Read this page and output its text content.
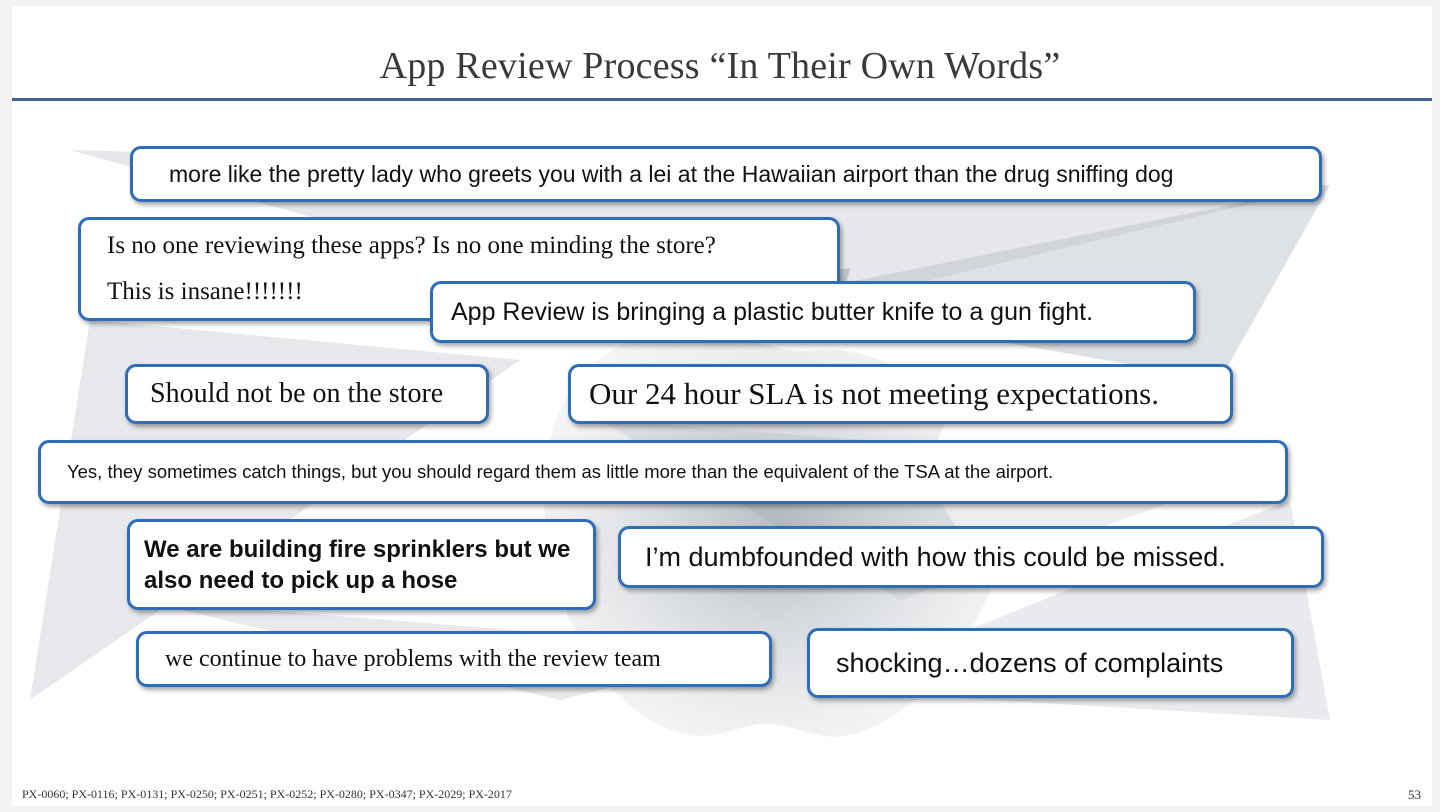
App Review Process “In Their Own Words”
more like the pretty lady who greets you with a lei at the Hawaiian airport than the drug sniffing dog
Is no one reviewing these apps? Is no one minding the store?
This is insane!!!!!!!
App Review is bringing a plastic butter knife to a gun fight.
Should not be on the store	Our 24 hour SLA is not meeting expectations.
Yes, they sometimes catch things, but you should regard them as little more than the equivalent of the TSA at the airport.
We are building fire sprinklers but we
also need to pick up a hose
I’m dumbfounded with how this could be missed.
we continue to have problems with the review team	shocking…dozens of complaints
PX-0060; PX-0116; PX-0131; PX-0250; PX-0251; PX-0252; PX-0280; PX-0347; PX-2029; PX-2017	53
